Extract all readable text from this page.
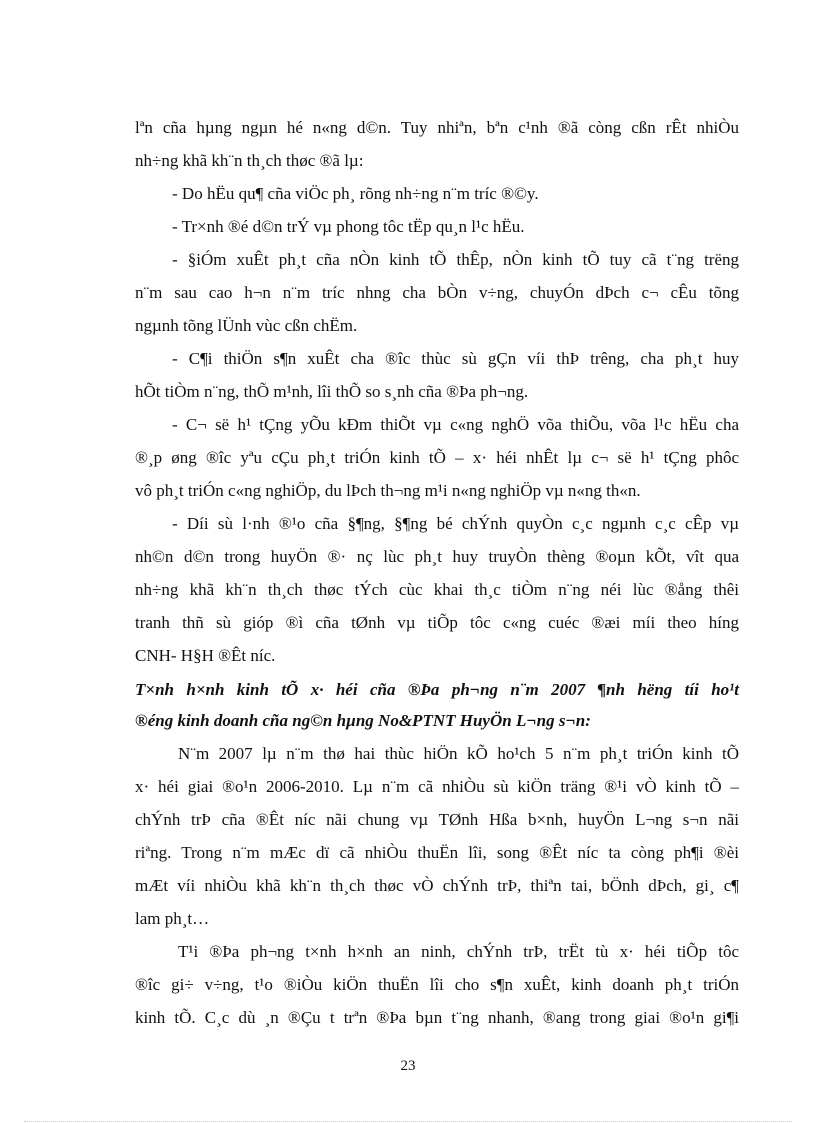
lªn cña hµng ngµn hé n«ng d©n. Tuy nhiªn, bªn c¹nh ®ã còng cßn rÊt nhiÒu
nh÷ng khã kh¨n th¸ch thøc ®ã lµ:
- Do hËu qu¶ cña viÖc ph¸ rõng nh÷ng n¨m tríc ®©y.
- Tr×nh ®é d©n trÝ vµ phong tôc tËp qu¸n l¹c hËu.
- §iÓm xuÊt ph¸t cña nÒn kinh tÕ thÊp, nÒn kinh tÕ tuy cã t¨ng trëng
n¨m sau cao h¬n n¨m tríc nhng cha bÒn v÷ng, chuyÓn dÞch c¬ cÊu tõng
ngµnh tõng lÜnh vùc cßn chËm.
- C¶i thiÖn s¶n xuÊt cha ®îc thùc sù gÇn víi thÞ trêng, cha ph¸t huy
hÕt tiÒm n¨ng, thÕ m¹nh, lîi thÕ so s¸nh cña ®Þa ph¬ng.
- C¬ së h¹ tÇng yÕu kÐm thiÕt vµ c«ng nghÖ võa thiÕu, võa l¹c hËu cha
®¸p øng ®îc yªu cÇu ph¸t triÓn kinh tÕ – x· héi nhÊt lµ c¬ së h¹ tÇng phôc
vô ph¸t triÓn c«ng nghiÖp, du lÞch th¬ng m¹i n«ng nghiÖp vµ n«ng th«n.
- Díi sù l·nh ®¹o cña §¶ng, §¶ng bé chÝnh quyÒn c¸c ngµnh c¸c cÊp vµ
nh©n d©n trong huyÖn ®· nç lùc ph¸t huy truyÒn thèng ®oµn kÕt, vît qua
nh÷ng khã kh¨n th¸ch thøc tÝch cùc khai th¸c tiÒm n¨ng néi lùc ®ång thêi
tranh thñ sù gióp ®ì cña tØnh vµ tiÕp tôc c«ng cuéc ®æi míi theo híng
CNH- H§H ®Êt níc.
T×nh h×nh kinh tÕ x· héi cña ®Þa ph¬ng n¨m 2007 ¶nh hëng tíi ho¹t
®éng kinh doanh cña ng©n hµng No&PTNT HuyÖn L¬ng s¬n:
N¨m 2007 lµ n¨m thø hai thùc hiÖn kÕ ho¹ch 5 n¨m ph¸t triÓn kinh tÕ
x· héi giai ®o¹n 2006-2010. Lµ n¨m cã nhiÒu sù kiÖn träng ®¹i vÒ kinh tÕ –
chÝnh trÞ cña ®Êt níc nãi chung vµ TØnh Hßa b×nh, huyÖn L¬ng s¬n nãi
riªng. Trong n¨m mÆc dï cã nhiÒu thuËn lîi, song ®Êt níc ta còng ph¶i ®èi
mÆt víi nhiÒu khã kh¨n th¸ch thøc vÒ chÝnh trÞ, thiªn tai, bÖnh dÞch, gi¸ c¶
lam ph¸t…
T¹i ®Þa ph¬ng t×nh h×nh an ninh, chÝnh trÞ, trËt tù x· héi tiÕp tôc
®îc gi÷ v÷ng, t¹o ®iÒu kiÖn thuËn lîi cho s¶n xuÊt, kinh doanh ph¸t triÓn
kinh tÕ. C¸c dù ¸n ®Çu t trªn ®Þa bµn t¨ng nhanh, ®ang trong giai ®o¹n gi¶i
23
